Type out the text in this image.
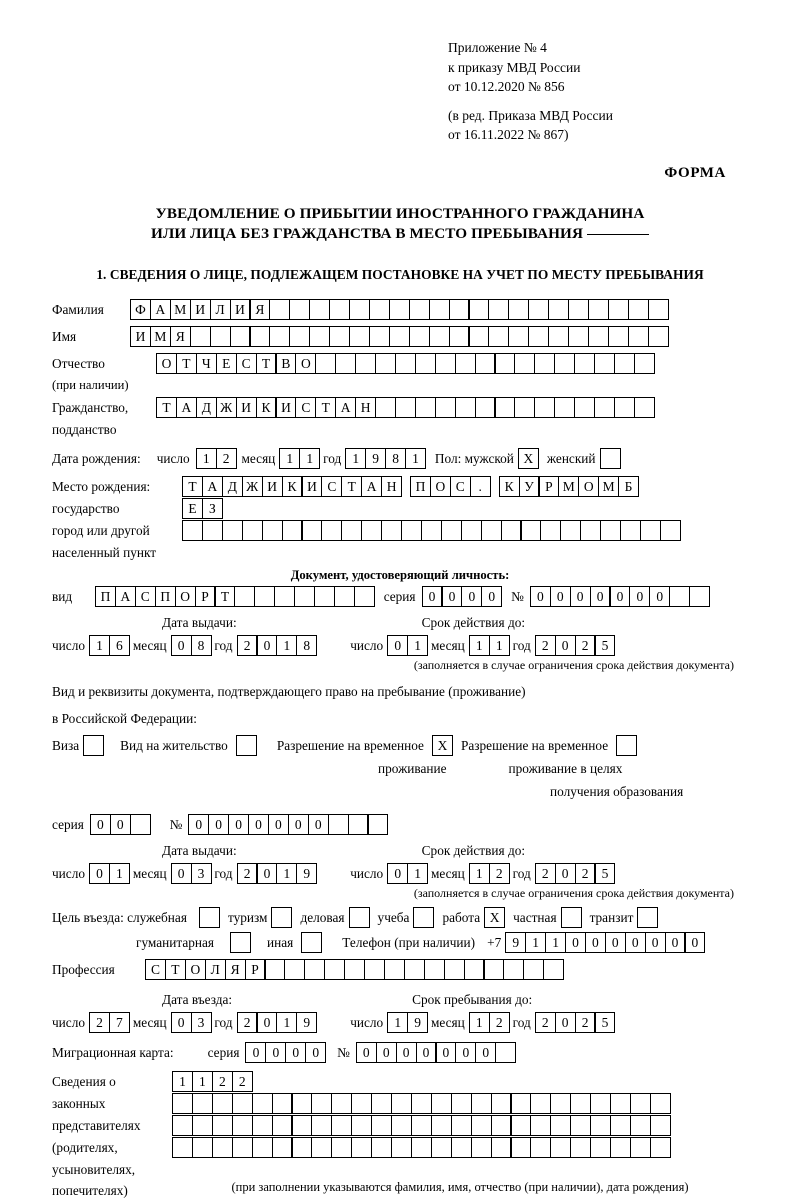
Приложение № 4
к приказу МВД России
от 10.12.2020 № 856
(в ред. Приказа МВД России
от 16.11.2022 № 867)
ФОРМА
УВЕДОМЛЕНИЕ О ПРИБЫТИИ ИНОСТРАННОГО ГРАЖДАНИНА
ИЛИ ЛИЦА БЕЗ ГРАЖДАНСТВА В МЕСТО ПРЕБЫВАНИЯ
1. СВЕДЕНИЯ О ЛИЦЕ, ПОДЛЕЖАЩЕМ ПОСТАНОВКЕ НА УЧЕТ ПО МЕСТУ ПРЕБЫВАНИЯ
Фамилия	Ф А М И Л И Я
Имя	И М Я
Отчество	О Т Ч Е С Т В О
(при наличии)
Гражданство,	Т А Д Ж И К И С Т А Н
подданство
Дата рождения: число 1 2 месяц 1 1 год 1 9 8 1	Пол: мужской Х	женский
Место рождения:	Т А Д Ж И К И С Т А Н	П О С	.	К У Р М О М Б
государство	Е З
город или другой
населенный пункт
Документ, удостоверяющий личность:
вид	П А С П О Р Т	серия 0 0 0 0	№ 0 0 0 0 0 0 0
Дата выдачи:	Срок действия до:
число 1 6 месяц 0 8 год 2 0 1 8	число 0 1 месяц 1 1 год 2 0 2 5
(заполняется в случае ограничения срока действия документа)
Вид и реквизиты документа, подтверждающего право на пребывание (проживание)
в Российской Федерации:
Виза	Вид на жительство	Разрешение на временное	Х	Разрешение на временное
проживание	проживание в целях
получения образования
серия 0 0	№ 0 0 0 0 0 0 0
Дата выдачи:	Срок действия до:
число 0 1 месяц 0 3 год 2 0 1 9	число 0 1 месяц 1 2 год 2 0 2 5
(заполняется в случае ограничения срока действия документа)
Цель въезда: служебная	туризм деловая учеба работа Х	частная транзит
гуманитарная	иная	Телефон (при наличии) +7 9 1 1 0 0 0 0 0 0 0
Профессия	С Т О Л Я Р
Дата въезда:	Срок пребывания до:
число 2 7 месяц 0 3 год 2 0 1 9	число 1 9 месяц 1 2 год 2 0 2 5
Миграционная карта:	серия 0 0 0 0	№ 0 0 0 0 0 0 0
Сведения о	1 1 2 2
законных
представителях
(родителях,
усыновителях,
попечителях)	(при заполнении указываются фамилия, имя, отчество (при наличии), дата рождения)
